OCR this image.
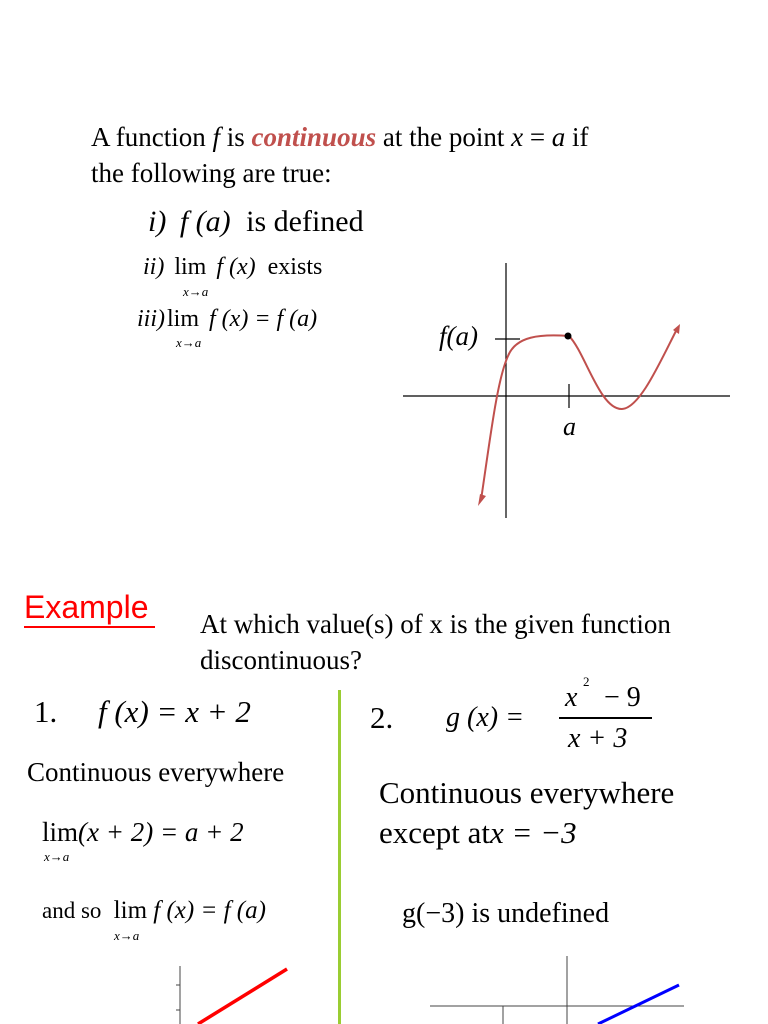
A function f is continuous at the point x = a if
the following are true:
i) f (a) is defined
ii) lim f (x) exists
x→a
iii)lim f (x) = f (a)
x→a	f(a)
a
Example At which value(s) of x is the given function
discontinuous?
1. f (x) = x + 2
Continuous everywhere
lim(x + 2) = a + 2
x→a
and so lim f (x) = f (a)
x→a
2. g (x) =
x
2
− 9
x + 3
Continuous everywhere
except atx = −3
g(−3) is undefined
